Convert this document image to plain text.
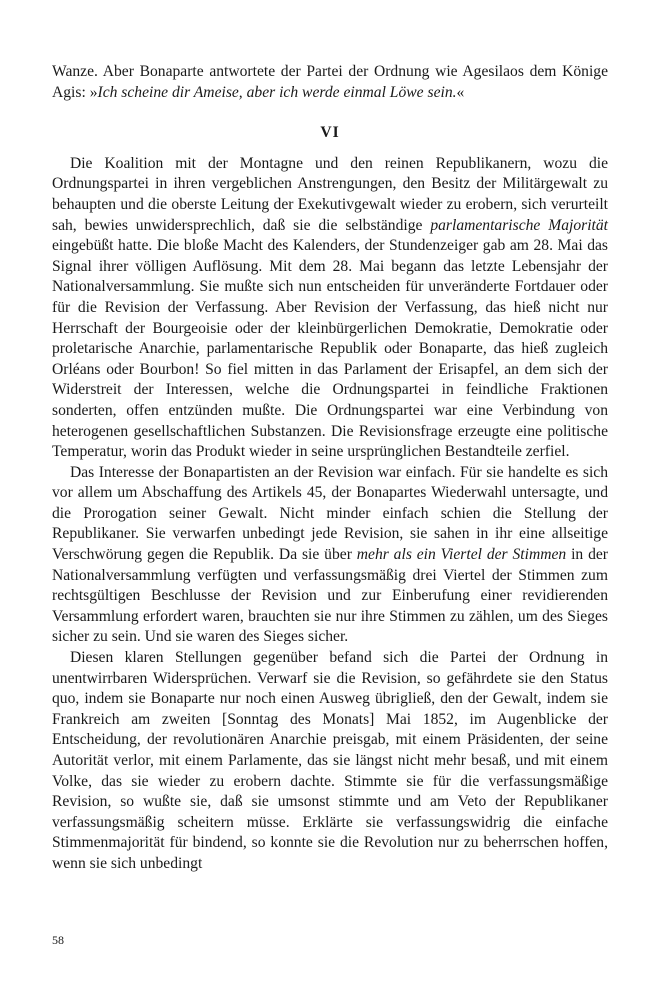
Wanze. Aber Bonaparte antwortete der Partei der Ordnung wie Agesilaos dem Könige Agis: »Ich scheine dir Ameise, aber ich werde einmal Löwe sein.«

VI

Die Koalition mit der Montagne und den reinen Republikanern, wozu die Ordnungspartei in ihren vergeblichen Anstrengungen, den Besitz der Militärgewalt zu behaupten und die oberste Leitung der Exekutivgewalt wieder zu erobern, sich verurteilt sah, bewies unwidersprechlich, daß sie die selbständige parlamentarische Majorität eingebüßt hatte. Die bloße Macht des Kalenders, der Stundenzeiger gab am 28. Mai das Signal ihrer völligen Auflösung. Mit dem 28. Mai begann das letzte Lebensjahr der Nationalversammlung. Sie mußte sich nun entscheiden für unveränderte Fortdauer oder für die Revision der Verfassung. Aber Revision der Verfassung, das hieß nicht nur Herrschaft der Bourgeoisie oder der kleinbürgerlichen Demokratie, Demokratie oder proletarische Anarchie, parlamentarische Republik oder Bonaparte, das hieß zugleich Orléans oder Bourbon! So fiel mitten in das Parlament der Erisapfel, an dem sich der Widerstreit der Interessen, welche die Ordnungspartei in feindliche Fraktionen sonderten, offen entzünden mußte. Die Ordnungspartei war eine Verbindung von heterogenen gesellschaftlichen Substanzen. Die Revisionsfrage erzeugte eine politische Temperatur, worin das Produkt wieder in seine ursprünglichen Bestandteile zerfiel.

Das Interesse der Bonapartisten an der Revision war einfach. Für sie handelte es sich vor allem um Abschaffung des Artikels 45, der Bonapartes Wiederwahl untersagte, und die Prorogation seiner Gewalt. Nicht minder einfach schien die Stellung der Republikaner. Sie verwarfen unbedingt jede Revision, sie sahen in ihr eine allseitige Verschwörung gegen die Republik. Da sie über mehr als ein Viertel der Stimmen in der Nationalversammlung verfügten und verfassungsmäßig drei Viertel der Stimmen zum rechtsgültigen Beschlusse der Revision und zur Einberufung einer revidierenden Versammlung erfordert waren, brauchten sie nur ihre Stimmen zu zählen, um des Sieges sicher zu sein. Und sie waren des Sieges sicher.

Diesen klaren Stellungen gegenüber befand sich die Partei der Ordnung in unentwirrbaren Widersprüchen. Verwarf sie die Revision, so gefährdete sie den Status quo, indem sie Bonaparte nur noch einen Ausweg übrigließ, den der Gewalt, indem sie Frankreich am zweiten [Sonntag des Monats] Mai 1852, im Augenblicke der Entscheidung, der revolutionären Anarchie preisgab, mit einem Präsidenten, der seine Autorität verlor, mit einem Parlamente, das sie längst nicht mehr besaß, und mit einem Volke, das sie wieder zu erobern dachte. Stimmte sie für die verfassungsmäßige Revision, so wußte sie, daß sie umsonst stimmte und am Veto der Republikaner verfassungsmäßig scheitern müsse. Erklärte sie verfassungswidrig die einfache Stimmenmajorität für bindend, so konnte sie die Revolution nur zu beherrschen hoffen, wenn sie sich unbedingt

58
